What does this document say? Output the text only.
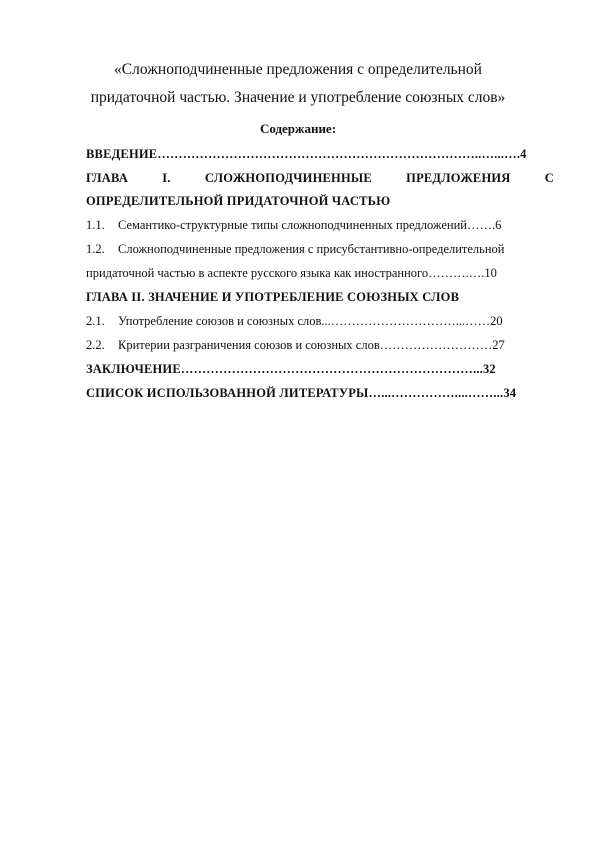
«Сложноподчиненные предложения с определительной
придаточной частью. Значение и употребление союзных слов»
Содержание:
ВВЕДЕНИЕ…………………………………………………………………..…...….4
ГЛАВА	I.	СЛОЖНОПОДЧИНЕННЫЕ	ПРЕДЛОЖЕНИЯ	С
ОПРЕДЕЛИТЕЛЬНОЙ ПРИДАТОЧНОЙ ЧАСТЬЮ
1.1. Семантико-структурные типы сложноподчиненных предложений…….6
1.2. Сложноподчиненные предложения с присубстантивно-определительной
придаточной частью в аспекте русского языка как иностранного……….….10
ГЛАВА II. ЗНАЧЕНИЕ И УПОТРЕБЛЕНИЕ СОЮЗНЫХ СЛОВ
2.1. Употребление союзов и союзных слов...…………………………...……20
2.2. Критерии разграничения союзов и союзных слов………………………27
ЗАКЛЮЧЕНИЕ……………………………………………………………...32
СПИСОК ИСПОЛЬЗОВАННОЙ ЛИТЕРАТУРЫ…...……………....……...34
